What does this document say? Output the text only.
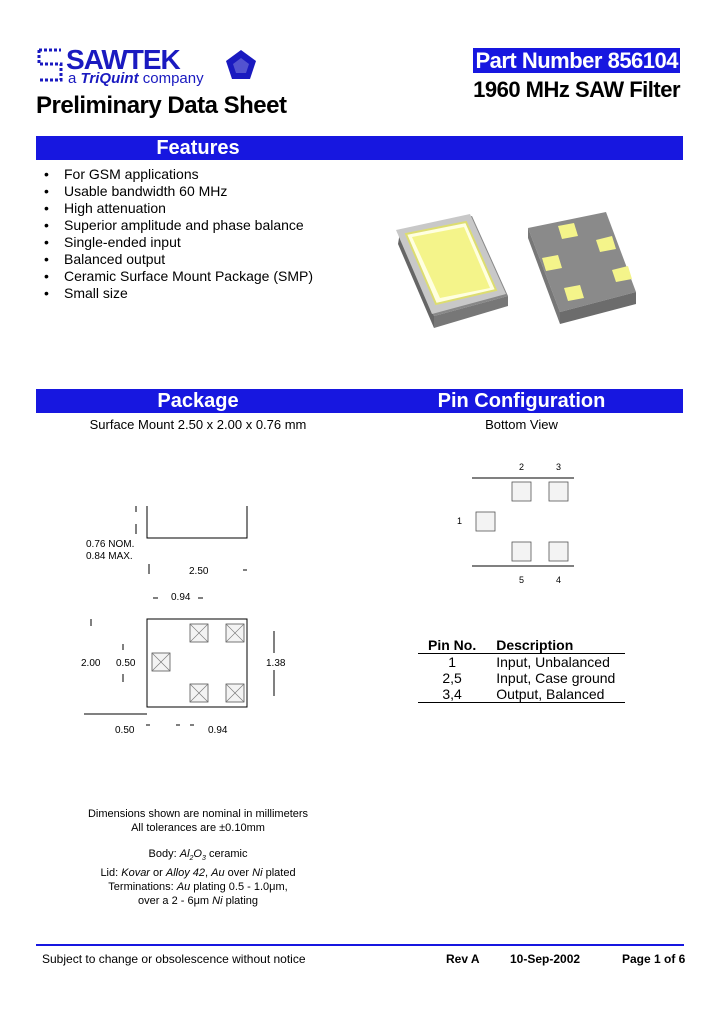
SAWTEK
a TriQuint company
Preliminary Data Sheet
Part Number 856104
1960 MHz SAW Filter
Features
• For GSM applications
• Usable bandwidth 60 MHz
• High attenuation
• Superior amplitude and phase balance
• Single-ended input
• Balanced output
• Ceramic Surface Mount Package (SMP)
• Small size
Package	Pin Configuration
Surface Mount 2.50 x 2.00 x 0.76 mm	Bottom View
0.76 NOM.
0.84 MAX.
2.50
0.94
2.00 0.50	1.38
0.50	0.94
Dimensions shown are nominal in millimeters
All tolerances are ±0.10mm
Body: $Al_2O_3$ ceramic
Lid: Kovar or Alloy 42, Au over Ni plated
Terminations: Au plating 0.5 - 1.0μm,
over a 2 - 6μm Ni plating
2	3
1
5	4
Pin No.	Description
1	Input, Unbalanced
2,5	Input, Case ground
3,4	Output, Balanced
Subject to change or obsolescence without notice	Rev A	10-Sep-2002	Page 1 of 6
